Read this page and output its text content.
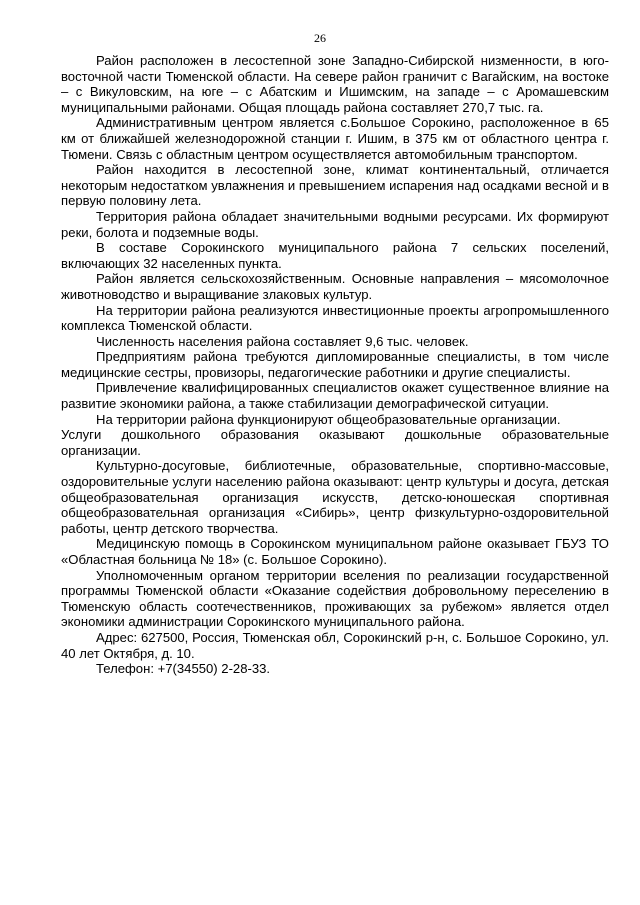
26

Район расположен в лесостепной зоне Западно-Сибирской низменности, в юго-восточной части Тюменской области. На севере район граничит с Вагайским, на востоке – с Викуловским, на юге – с Абатским и Ишимским, на западе – с Аромашевским муниципальными районами. Общая площадь района составляет 270,7 тыс. га.

Административным центром является с.Большое Сорокино, расположенное в 65 км от ближайшей железнодорожной станции г. Ишим, в 375 км от областного центра г. Тюмени. Связь с областным центром осуществляется автомобильным транспортом.

Район находится в лесостепной зоне, климат континентальный, отличается некоторым недостатком увлажнения и превышением испарения над осадками весной и в первую половину лета.

Территория района обладает значительными водными ресурсами. Их формируют реки, болота и подземные воды.

В составе Сорокинского муниципального района 7 сельских поселений, включающих 32 населенных пункта.

Район является сельскохозяйственным. Основные направления – мясомолочное животноводство и выращивание злаковых культур.

На территории района реализуются инвестиционные проекты агропромышленного комплекса Тюменской области.

Численность населения района составляет 9,6 тыс. человек.

Предприятиям района требуются дипломированные специалисты, в том числе медицинские сестры, провизоры, педагогические работники и другие специалисты.

Привлечение квалифицированных специалистов окажет существенное влияние на развитие экономики района, а также стабилизации демографической ситуации.

На территории района функционируют общеобразовательные организации.

Услуги дошкольного образования оказывают дошкольные образовательные организации.

Культурно-досуговые, библиотечные, образовательные, спортивно-массовые, оздоровительные услуги населению района оказывают: центр культуры и досуга, детская общеобразовательная организация искусств, детско-юношеская спортивная общеобразовательная организация «Сибирь», центр физкультурно-оздоровительной работы, центр детского творчества.

Медицинскую помощь в Сорокинском муниципальном районе оказывает ГБУЗ ТО «Областная больница № 18» (с. Большое Сорокино).

Уполномоченным органом территории вселения по реализации государственной программы Тюменской области «Оказание содействия добровольному переселению в Тюменскую область соотечественников, проживающих за рубежом» является отдел экономики администрации Сорокинского муниципального района.

Адрес: 627500, Россия, Тюменская обл, Сорокинский р-н, с. Большое Сорокино, ул. 40 лет Октября, д. 10.

Телефон: +7(34550) 2-28-33.
